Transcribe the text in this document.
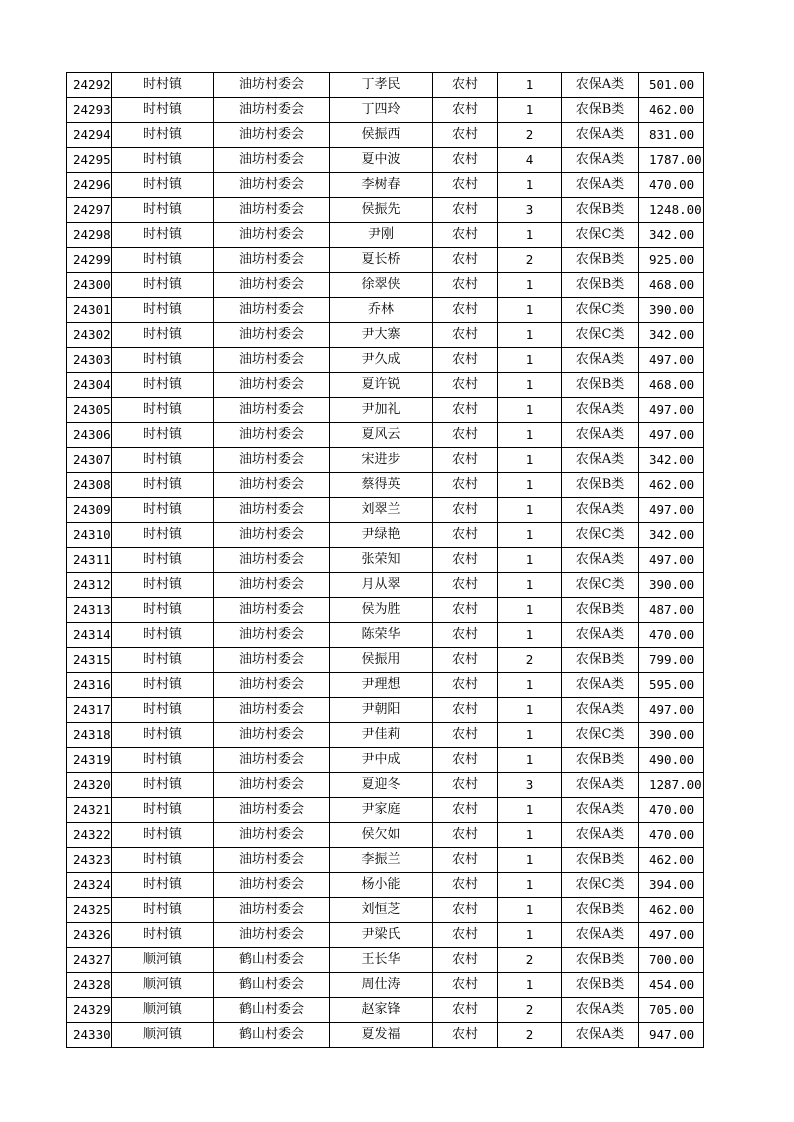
24292	时村镇	油坊村委会	丁孝民	农村	1	农保A类	501.00
24293	时村镇	油坊村委会	丁四玲	农村	1	农保B类	462.00
24294	时村镇	油坊村委会	侯振西	农村	2	农保A类	831.00
24295	时村镇	油坊村委会	夏中波	农村	4	农保A类	1787.00
24296	时村镇	油坊村委会	李树春	农村	1	农保A类	470.00
24297	时村镇	油坊村委会	侯振先	农村	3	农保B类	1248.00
24298	时村镇	油坊村委会	尹刚	农村	1	农保C类	342.00
24299	时村镇	油坊村委会	夏长桥	农村	2	农保B类	925.00
24300	时村镇	油坊村委会	徐翠侠	农村	1	农保B类	468.00
24301	时村镇	油坊村委会	乔林	农村	1	农保C类	390.00
24302	时村镇	油坊村委会	尹大寨	农村	1	农保C类	342.00
24303	时村镇	油坊村委会	尹久成	农村	1	农保A类	497.00
24304	时村镇	油坊村委会	夏许锐	农村	1	农保B类	468.00
24305	时村镇	油坊村委会	尹加礼	农村	1	农保A类	497.00
24306	时村镇	油坊村委会	夏风云	农村	1	农保A类	497.00
24307	时村镇	油坊村委会	宋进步	农村	1	农保A类	342.00
24308	时村镇	油坊村委会	蔡得英	农村	1	农保B类	462.00
24309	时村镇	油坊村委会	刘翠兰	农村	1	农保A类	497.00
24310	时村镇	油坊村委会	尹绿艳	农村	1	农保C类	342.00
24311	时村镇	油坊村委会	张荣知	农村	1	农保A类	497.00
24312	时村镇	油坊村委会	月从翠	农村	1	农保C类	390.00
24313	时村镇	油坊村委会	侯为胜	农村	1	农保B类	487.00
24314	时村镇	油坊村委会	陈荣华	农村	1	农保A类	470.00
24315	时村镇	油坊村委会	侯振用	农村	2	农保B类	799.00
24316	时村镇	油坊村委会	尹理想	农村	1	农保A类	595.00
24317	时村镇	油坊村委会	尹朝阳	农村	1	农保A类	497.00
24318	时村镇	油坊村委会	尹佳莉	农村	1	农保C类	390.00
24319	时村镇	油坊村委会	尹中成	农村	1	农保B类	490.00
24320	时村镇	油坊村委会	夏迎冬	农村	3	农保A类	1287.00
24321	时村镇	油坊村委会	尹家庭	农村	1	农保A类	470.00
24322	时村镇	油坊村委会	侯欠如	农村	1	农保A类	470.00
24323	时村镇	油坊村委会	李振兰	农村	1	农保B类	462.00
24324	时村镇	油坊村委会	杨小能	农村	1	农保C类	394.00
24325	时村镇	油坊村委会	刘恒芝	农村	1	农保B类	462.00
24326	时村镇	油坊村委会	尹梁氏	农村	1	农保A类	497.00
24327	顺河镇	鹤山村委会	王长华	农村	2	农保B类	700.00
24328	顺河镇	鹤山村委会	周仕涛	农村	1	农保B类	454.00
24329	顺河镇	鹤山村委会	赵家锋	农村	2	农保A类	705.00
24330	顺河镇	鹤山村委会	夏发福	农村	2	农保A类	947.00
